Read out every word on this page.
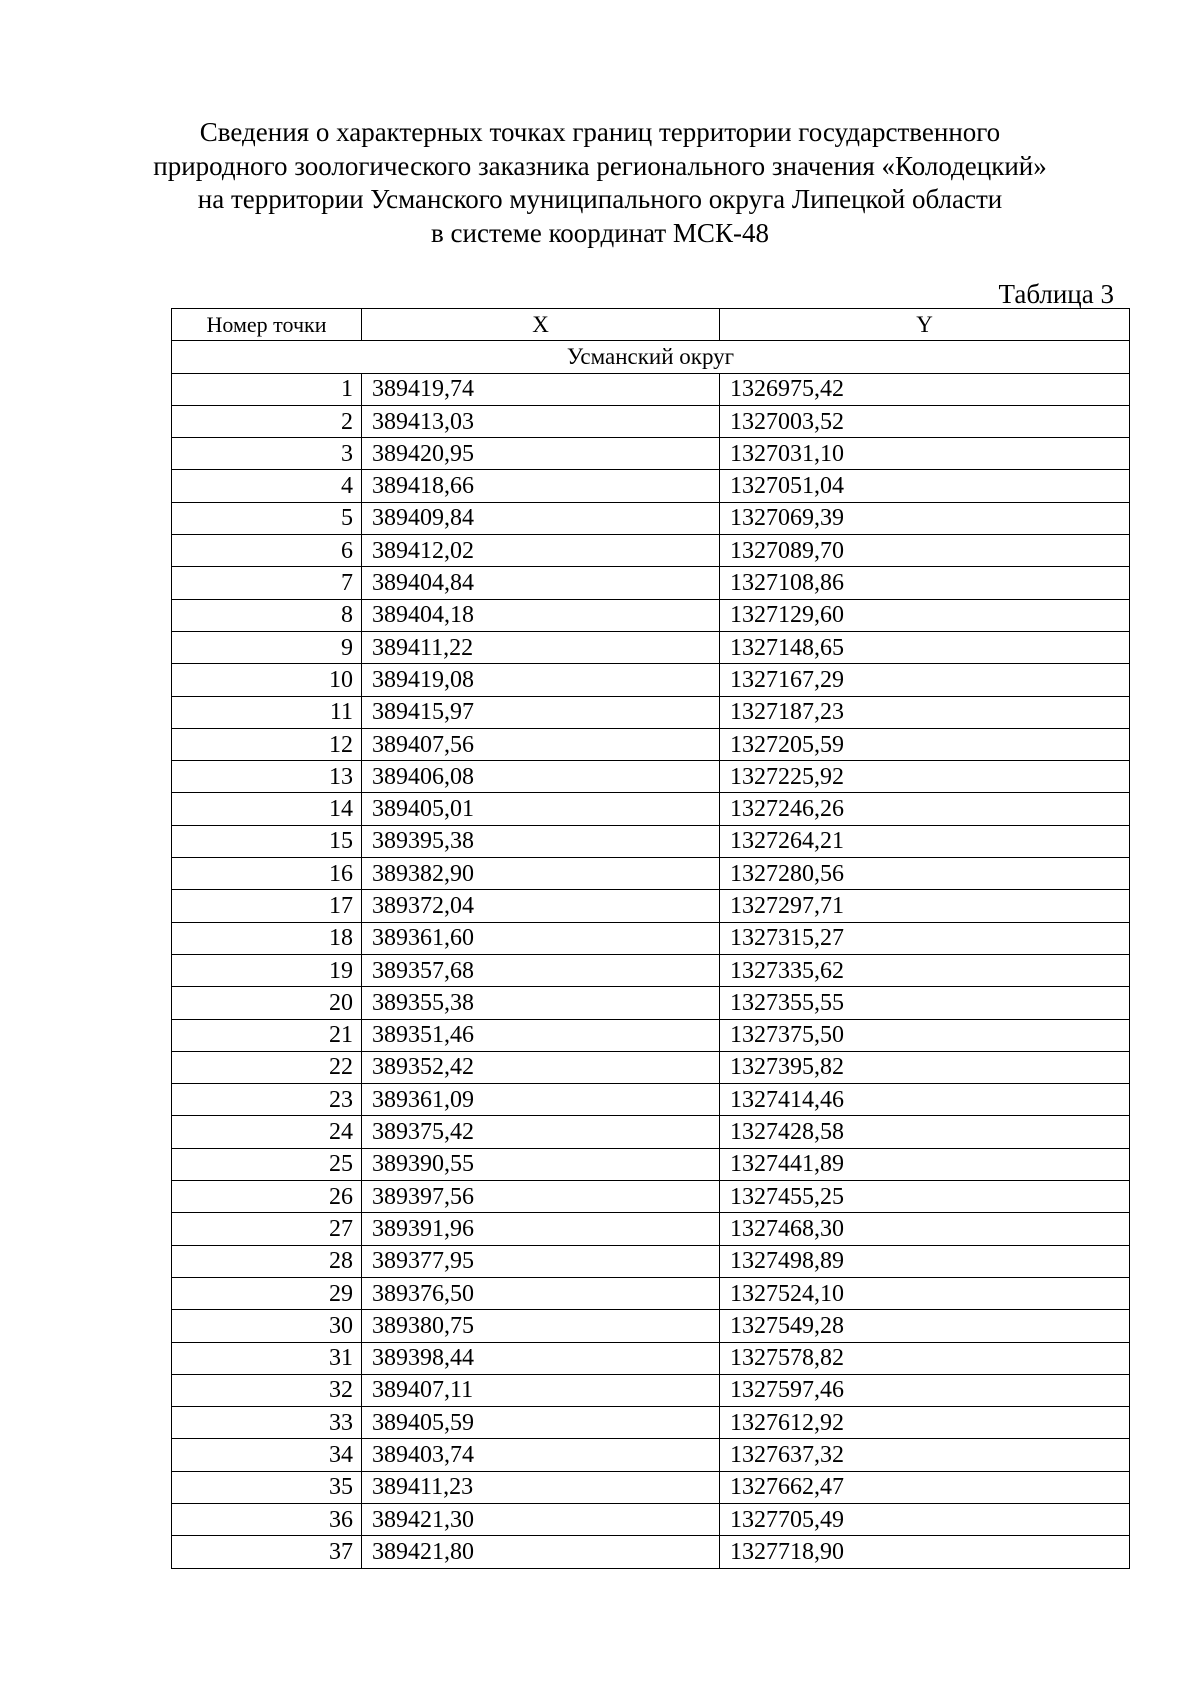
Сведения о характерных точках границ территории государственного
природного зоологического заказника регионального значения «Колодецкий»
на территории Усманского муниципального округа Липецкой области
в системе координат МСК-48
Таблица 3
Номер точки	X	Y
Усманский округ		
1	389419,74	1326975,42
2	389413,03	1327003,52
3	389420,95	1327031,10
4	389418,66	1327051,04
5	389409,84	1327069,39
6	389412,02	1327089,70
7	389404,84	1327108,86
8	389404,18	1327129,60
9	389411,22	1327148,65
10	389419,08	1327167,29
11	389415,97	1327187,23
12	389407,56	1327205,59
13	389406,08	1327225,92
14	389405,01	1327246,26
15	389395,38	1327264,21
16	389382,90	1327280,56
17	389372,04	1327297,71
18	389361,60	1327315,27
19	389357,68	1327335,62
20	389355,38	1327355,55
21	389351,46	1327375,50
22	389352,42	1327395,82
23	389361,09	1327414,46
24	389375,42	1327428,58
25	389390,55	1327441,89
26	389397,56	1327455,25
27	389391,96	1327468,30
28	389377,95	1327498,89
29	389376,50	1327524,10
30	389380,75	1327549,28
31	389398,44	1327578,82
32	389407,11	1327597,46
33	389405,59	1327612,92
34	389403,74	1327637,32
35	389411,23	1327662,47
36	389421,30	1327705,49
37	389421,80	1327718,90
